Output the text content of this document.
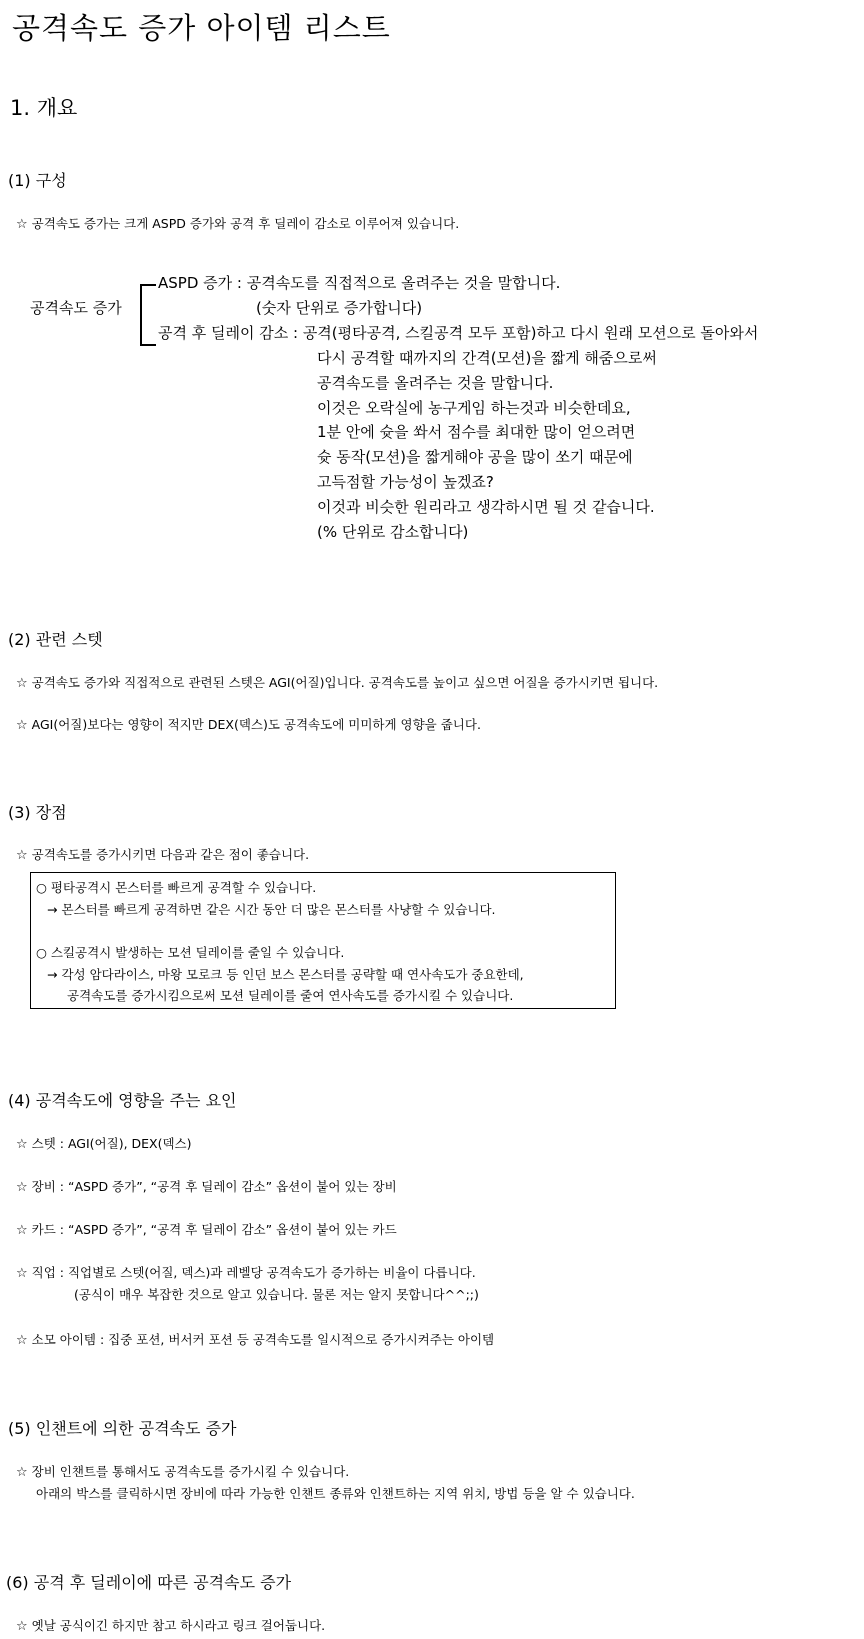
공격속도 증가 아이템 리스트
1. 개요
(1) 구성
☆ 공격속도 증가는 크게 ASPD 증가와 공격 후 딜레이 감소로 이루어져 있습니다.
공격속도 증가
ASPD 증가 : 공격속도를 직접적으로 올려주는 것을 말합니다.
(숫자 단위로 증가합니다)
공격 후 딜레이 감소 : 공격(평타공격, 스킬공격 모두 포함)하고 다시 원래 모션으로 돌아와서
다시 공격할 때까지의 간격(모션)을 짧게 해줌으로써
공격속도를 올려주는 것을 말합니다.
이것은 오락실에 농구게임 하는것과 비슷한데요,
1분 안에 슛을 쏴서 점수를 최대한 많이 얻으려면
슛 동작(모션)을 짧게해야 공을 많이 쏘기 때문에
고득점할 가능성이 높겠죠?
이것과 비슷한 원리라고 생각하시면 될 것 같습니다.
(% 단위로 감소합니다)
(2) 관련 스텟
☆ 공격속도 증가와 직접적으로 관련된 스텟은 AGI(어질)입니다. 공격속도를 높이고 싶으면 어질을 증가시키면 됩니다.
☆ AGI(어질)보다는 영향이 적지만 DEX(덱스)도 공격속도에 미미하게 영향을 줍니다.
(3) 장점
☆ 공격속도를 증가시키면 다음과 같은 점이 좋습니다.
○ 평타공격시 몬스터를 빠르게 공격할 수 있습니다.
→ 몬스터를 빠르게 공격하면 같은 시간 동안 더 많은 몬스터를 사냥할 수 있습니다.
○ 스킬공격시 발생하는 모션 딜레이를 줄일 수 있습니다.
→ 각성 암다라이스, 마왕 모로크 등 인던 보스 몬스터를 공략할 때 연사속도가 중요한데,
공격속도를 증가시킴으로써 모션 딜레이를 줄여 연사속도를 증가시킬 수 있습니다.
(4) 공격속도에 영향을 주는 요인
☆ 스텟 : AGI(어질), DEX(덱스)
☆ 장비 : “ASPD 증가”, “공격 후 딜레이 감소” 옵션이 붙어 있는 장비
☆ 카드 : “ASPD 증가”, “공격 후 딜레이 감소” 옵션이 붙어 있는 카드
☆ 직업 : 직업별로 스텟(어질, 덱스)과 레벨당 공격속도가 증가하는 비율이 다릅니다.
(공식이 매우 복잡한 것으로 알고 있습니다. 물론 저는 알지 못합니다^^;;)
☆ 소모 아이템 : 집중 포션, 버서커 포션 등 공격속도를 일시적으로 증가시켜주는 아이템
(5) 인챈트에 의한 공격속도 증가
☆ 장비 인챈트를 통해서도 공격속도를 증가시킬 수 있습니다.
아래의 박스를 클릭하시면 장비에 따라 가능한 인챈트 종류와 인챈트하는 지역 위치, 방법 등을 알 수 있습니다.
(6) 공격 후 딜레이에 따른 공격속도 증가
☆ 옛날 공식이긴 하지만 참고 하시라고 링크 걸어둡니다.
